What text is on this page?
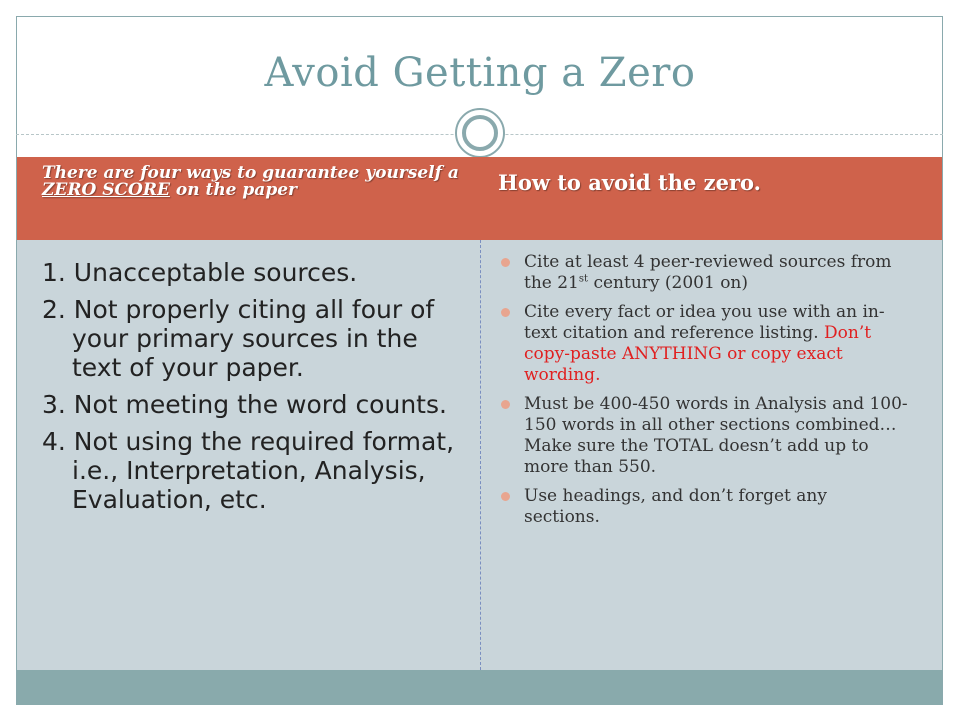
Avoid Getting a Zero
There are four ways to guarantee yourself a ZERO SCORE on the paper	How to avoid the zero.
1. Unacceptable sources.
2. Not properly citing all four of your primary sources in the text of your paper.
3. Not meeting the word counts.
4. Not using the required format, i.e., Interpretation, Analysis, Evaluation, etc.
Cite at least 4 peer-reviewed sources from the 21st century (2001 on)
Cite every fact or idea you use with an in-text citation and reference listing. Don’t copy-paste ANYTHING or copy exact wording.
Must be 400-450 words in Analysis and 100-150 words in all other sections combined… Make sure the TOTAL doesn’t add up to more than 550.
Use headings, and don’t forget any sections.
